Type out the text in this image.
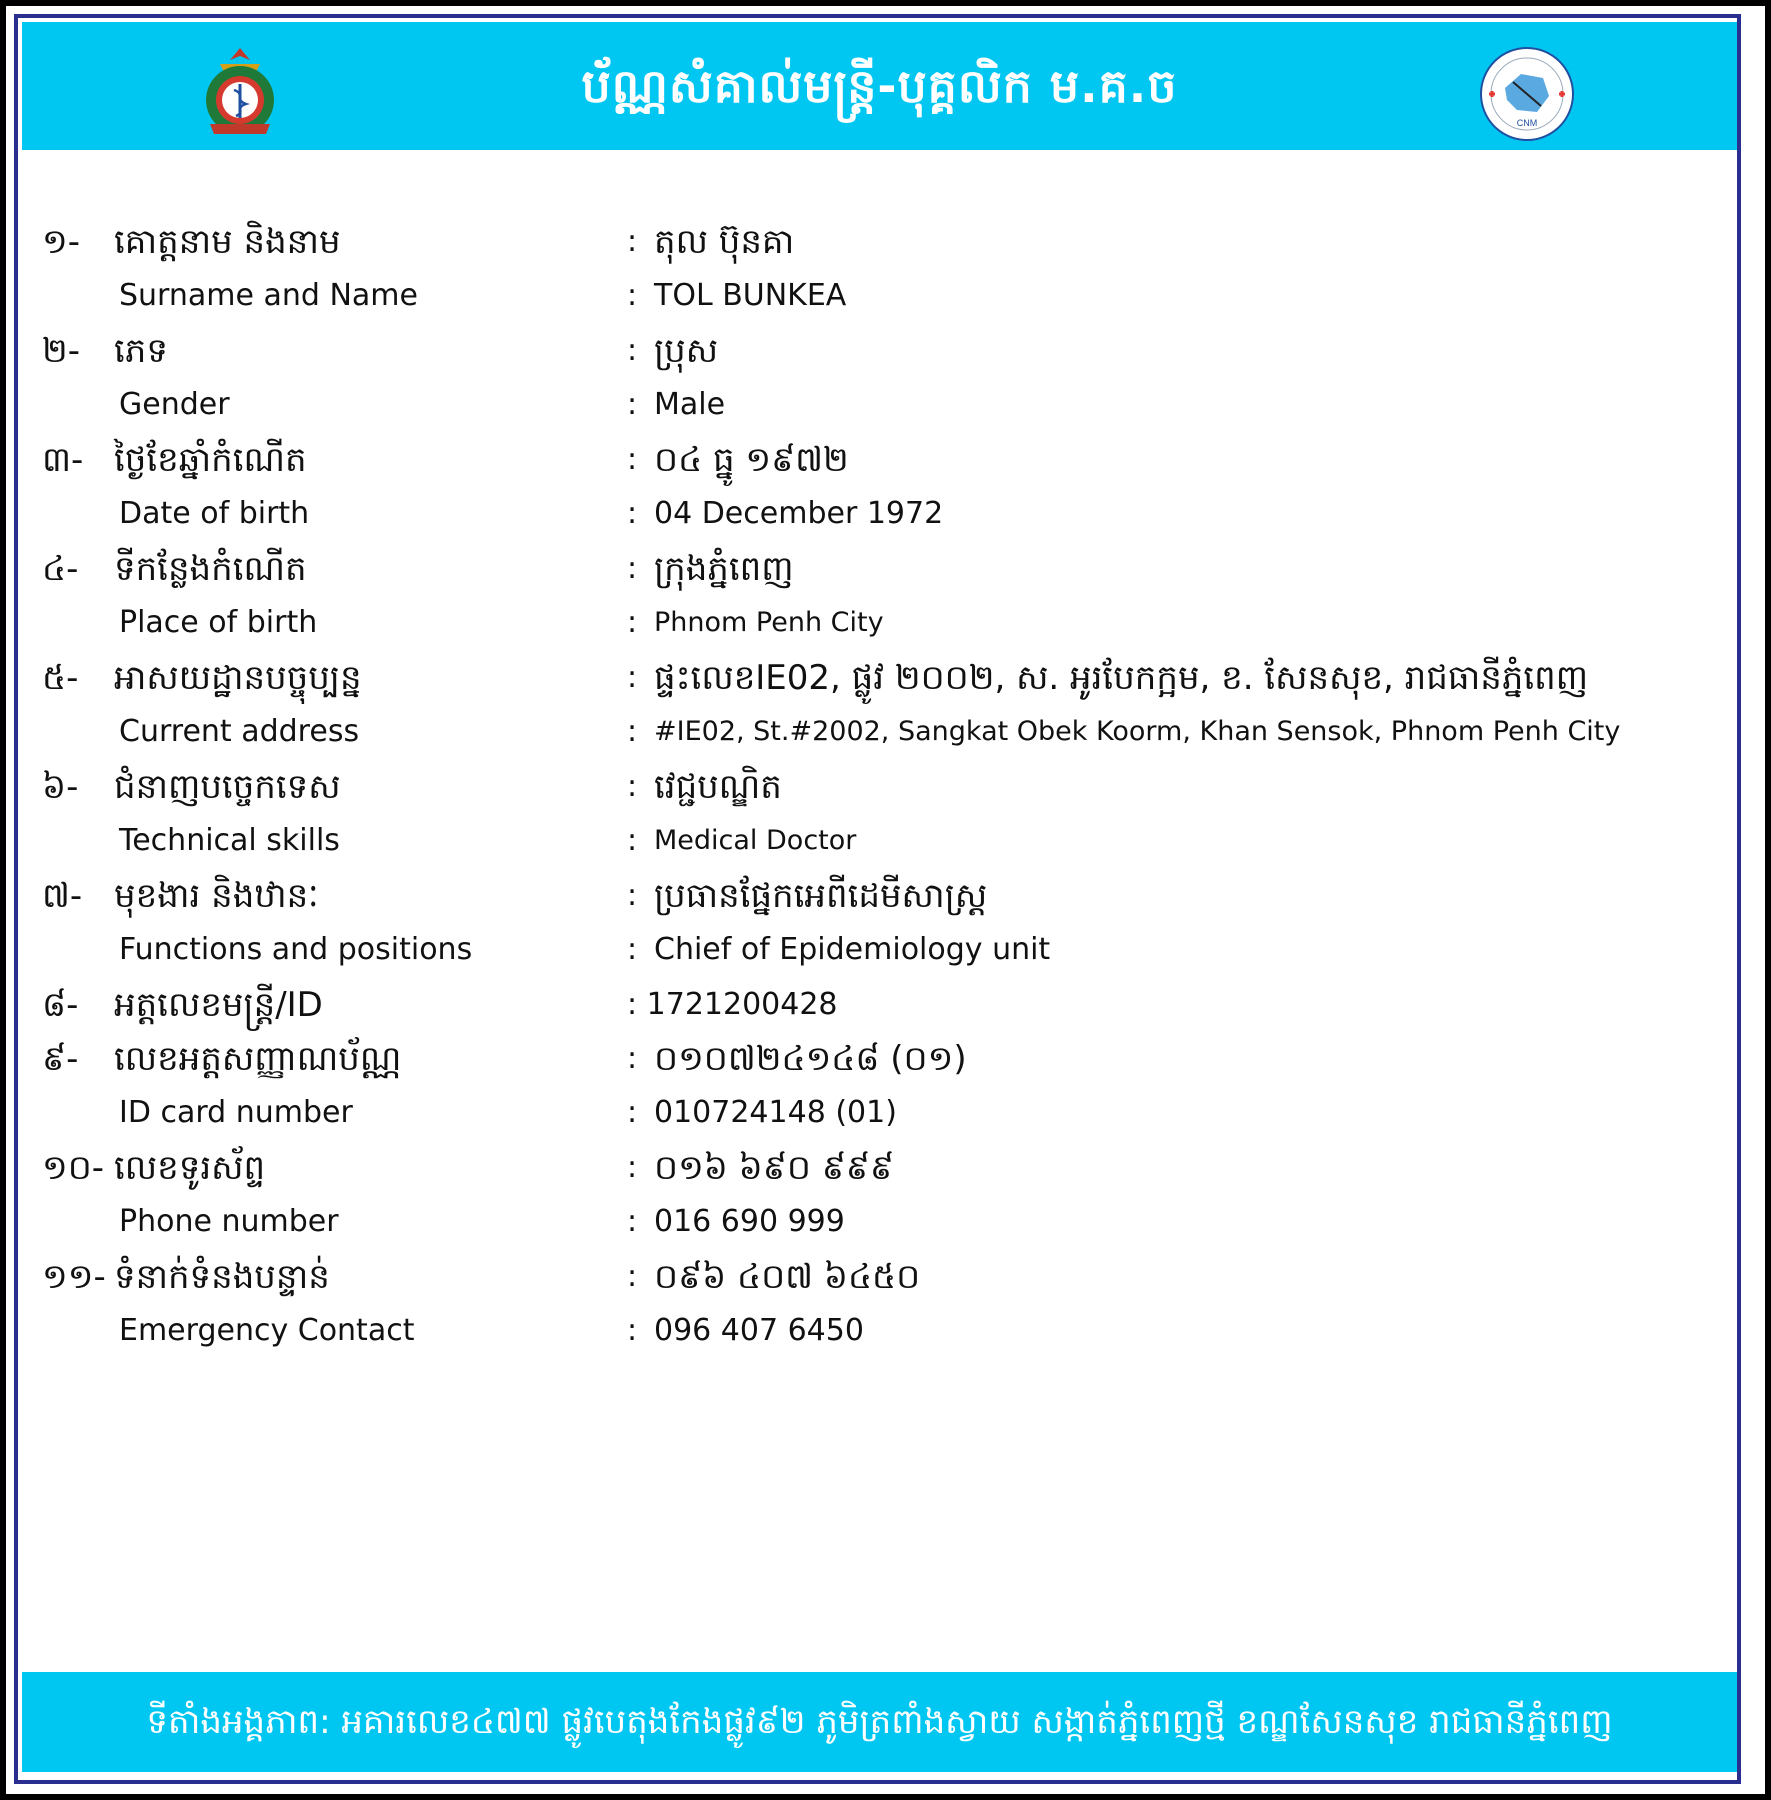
ប័ណ្ណសំគាល់មន្ត្រី-បុគ្គលិក ម.គ.ច
CNM
១- គោត្តនាម និងនាម	: តុល ប៊ុនគា
Surname and Name	: TOL BUNKEA
២- ភេទ	: ប្រុស
Gender	: Male
៣- ថ្ងៃខែឆ្នាំកំណើត	: ០៤ ធ្នូ ១៩៧២
Date of birth	: 04 December 1972
៤- ទីកន្លែងកំណើត	: ក្រុងភ្នំពេញ
Place of birth	: Phnom Penh City
៥- អាសយដ្ឋានបច្ចុប្បន្ន	: ផ្ទះលេខIE02, ផ្លូវ ២០០២, ស. អូរបែកក្អម, ខ. សែនសុខ, រាជធានីភ្នំពេញ
Current address	: #IE02, St.#2002, Sangkat Obek Koorm, Khan Sensok, Phnom Penh City
៦- ជំនាញបច្ចេកទេស	: វេជ្ជបណ្ឌិត
Technical skills	: Medical Doctor
៧- មុខងារ និងឋានៈ	: ប្រធានផ្នែកអេពីដេមីសាស្ត្រ
Functions and positions	: Chief of Epidemiology unit
៨- អត្តលេខមន្ត្រី/ID	: 1721200428
៩- លេខអត្តសញ្ញាណប័ណ្ណ	: ០១០៧២៤១៤៨ (០១)
ID card number	: 010724148 (01)
១០- លេខទូរស័ព្ទ	: ០១៦ ៦៩០ ៩៩៩
Phone number	: 016 690 999
១១- ទំនាក់ទំនងបន្ទាន់	: ០៩៦ ៤០៧ ៦៤៥០
Emergency Contact	: 096 407 6450
ទីតាំងអង្គភាព: អគារលេខ៤៧៧ ផ្លូវបេតុងកែងផ្លូវ៩២ ភូមិត្រពាំងស្វាយ សង្កាត់ភ្នំពេញថ្មី ខណ្ឌសែនសុខ រាជធានីភ្នំពេញ
